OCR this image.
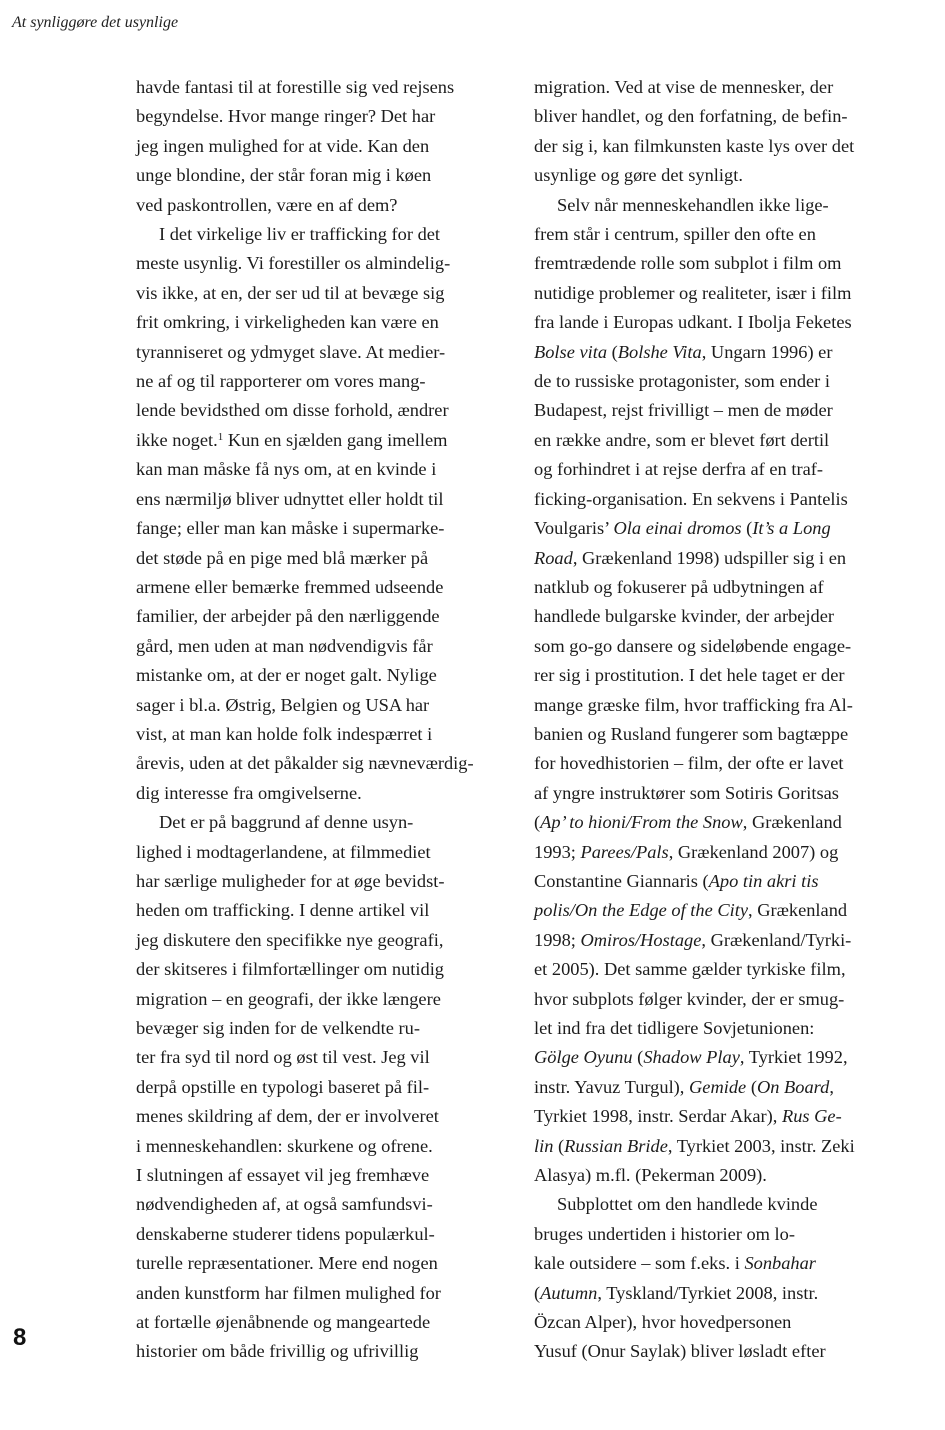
At synliggøre det usynlige
havde fantasi til at forestille sig ved rejsens
begyndelse. Hvor mange ringer? Det har
jeg ingen mulighed for at vide. Kan den
unge blondine, der står foran mig i køen
ved paskontrollen, være en af dem?
I det virkelige liv er trafficking for det
meste usynlig. Vi forestiller os almindelig-
vis ikke, at en, der ser ud til at bevæge sig
frit omkring, i virkeligheden kan være en
tyranniseret og ydmyget slave. At medier-
ne af og til rapporterer om vores mang-
lende bevidsthed om disse forhold, ændrer
ikke noget.$^1$ Kun en sjælden gang imellem
kan man måske få nys om, at en kvinde i
ens nærmiljø bliver udnyttet eller holdt til
fange; eller man kan måske i supermarke-
det støde på en pige med blå mærker på
armene eller bemærke fremmed udseende
familier, der arbejder på den nærliggende
gård, men uden at man nødvendigvis får
mistanke om, at der er noget galt. Nylige
sager i bl.a. Østrig, Belgien og USA har
vist, at man kan holde folk indespærret i
årevis, uden at det påkalder sig nævneværdig-
dig interesse fra omgivelserne.
Det er på baggrund af denne usyn-
lighed i modtagerlandene, at filmmediet
har særlige muligheder for at øge bevidst-
heden om trafficking. I denne artikel vil
jeg diskutere den specifikke nye geografi,
der skitseres i filmfortællinger om nutidig
migration – en geografi, der ikke længere
bevæger sig inden for de velkendte ru-
ter fra syd til nord og øst til vest. Jeg vil
derpå opstille en typologi baseret på fil-
menes skildring af dem, der er involveret
i menneskehandlen: skurkene og ofrene.
I slutningen af essayet vil jeg fremhæve
nødvendigheden af, at også samfundsvi-
denskaberne studerer tidens populærkul-
turelle repræsentationer. Mere end nogen
anden kunstform har filmen mulighed for
at fortælle øjenåbnende og mangeartede
historier om både frivillig og ufrivillig
migration. Ved at vise de mennesker, der
bliver handlet, og den forfatning, de befin-
der sig i, kan filmkunsten kaste lys over det
usynlige og gøre det synligt.
Selv når menneskehandlen ikke lige-
frem står i centrum, spiller den ofte en
fremtrædende rolle som subplot i film om
nutidige problemer og realiteter, især i film
fra lande i Europas udkant. I Ibolja Feketes
Bolse vita (Bolshe Vita, Ungarn 1996) er
de to russiske protagonister, som ender i
Budapest, rejst frivilligt – men de møder
en række andre, som er blevet ført dertil
og forhindret i at rejse derfra af en traf-
ficking-organisation. En sekvens i Pantelis
Voulgaris’ Ola einai dromos (It’s a Long
Road, Grækenland 1998) udspiller sig i en
natklub og fokuserer på udbytningen af
handlede bulgarske kvinder, der arbejder
som go-go dansere og sideløbende engage-
rer sig i prostitution. I det hele taget er der
mange græske film, hvor trafficking fra Al-
banien og Rusland fungerer som bagtæppe
for hovedhistorien – film, der ofte er lavet
af yngre instruktører som Sotiris Goritsas
(Ap’ to hioni/From the Snow, Grækenland
1993; Parees/Pals, Grækenland 2007) og
Constantine Giannaris (Apo tin akri tis
polis/On the Edge of the City, Grækenland
1998; Omiros/Hostage, Grækenland/Tyrki-
et 2005). Det samme gælder tyrkiske film,
hvor subplots følger kvinder, der er smug-
let ind fra det tidligere Sovjetunionen:
Gölge Oyunu (Shadow Play, Tyrkiet 1992,
instr. Yavuz Turgul), Gemide (On Board,
Tyrkiet 1998, instr. Serdar Akar), Rus Ge-
lin (Russian Bride, Tyrkiet 2003, instr. Zeki
Alasya) m.fl. (Pekerman 2009).
Subplottet om den handlede kvinde
bruges undertiden i historier om lo-
kale outsidere – som f.eks. i Sonbahar
(Autumn, Tyskland/Tyrkiet 2008, instr.
Özcan Alper), hvor hovedpersonen
Yusuf (Onur Saylak) bliver løsladt efter
8
